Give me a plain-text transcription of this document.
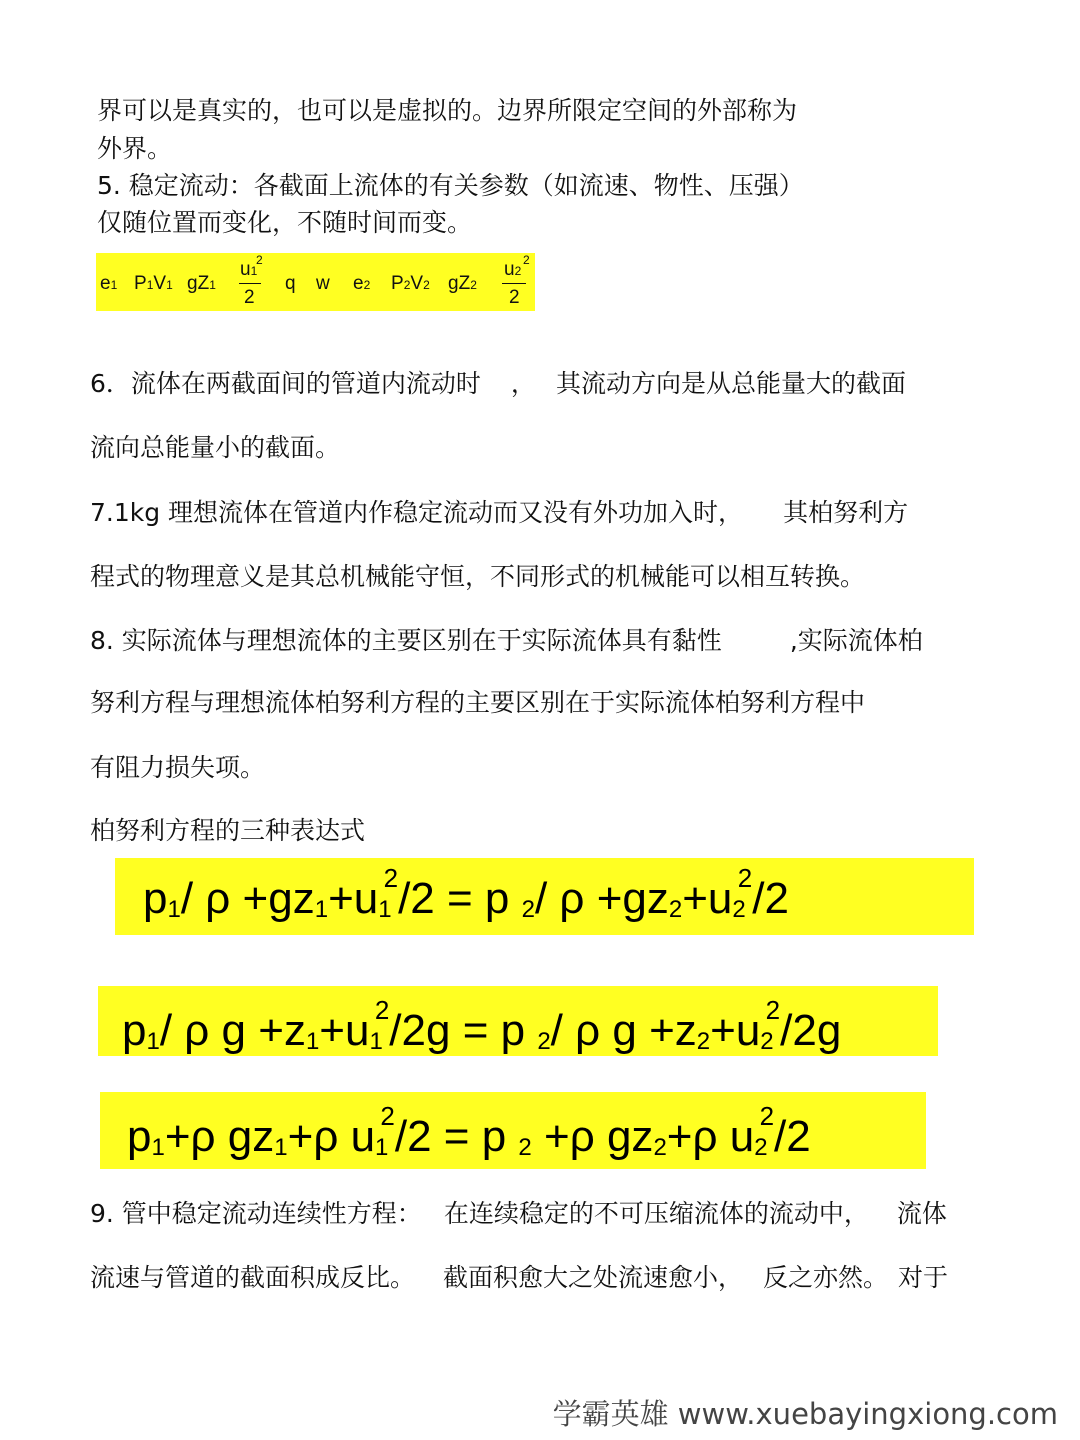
界可以是真实的，也可以是虚拟的。边界所限定空间的外部称为
外界。
5. 稳定流动：各截面上流体的有关参数（如流速、物性、压强）
仅随位置而变化，不随时间而变。
e1 P1V1 gZ1
u1
2
2
q w e2 P2V2 gZ2
u2
2
2
6．流体在两截面间的管道内流动时 ， 其流动方向是从总能量大的截面
流向总能量小的截面。
7.1kg 理想流体在管道内作稳定流动而又没有外功加入时， 其柏努利方
程式的物理意义是其总机械能守恒，不同形式的机械能可以相互转换。
8. 实际流体与理想流体的主要区别在于实际流体具有黏性	,实际流体柏
努利方程与理想流体柏努利方程的主要区别在于实际流体柏努利方程中
有阻力损失项。
柏努利方程的三种表达式
$p_1/$ $\rho +gz_1+u_1^2/2 = p$ $_2$/ $\rho +gz_2+u_2^2/2$
$p_1/$ ρ $g +z_1+u_1^2/2g = p$ $_2$/ ρ $g +z_2+u_2^2/2g$
$p_1+\rho$ $gz_1+\rho$ $u_1^2/2 = p$ $_2$ +ρ $gz_2+\rho$ $u_2^2/2$
9. 管中稳定流动连续性方程： 在连续稳定的不可压缩流体的流动中， 流体
流速与管道的截面积成反比。 截面积愈大之处流速愈小， 反之亦然。 对于
学霸英雄 www.xuebayingxiong.com
